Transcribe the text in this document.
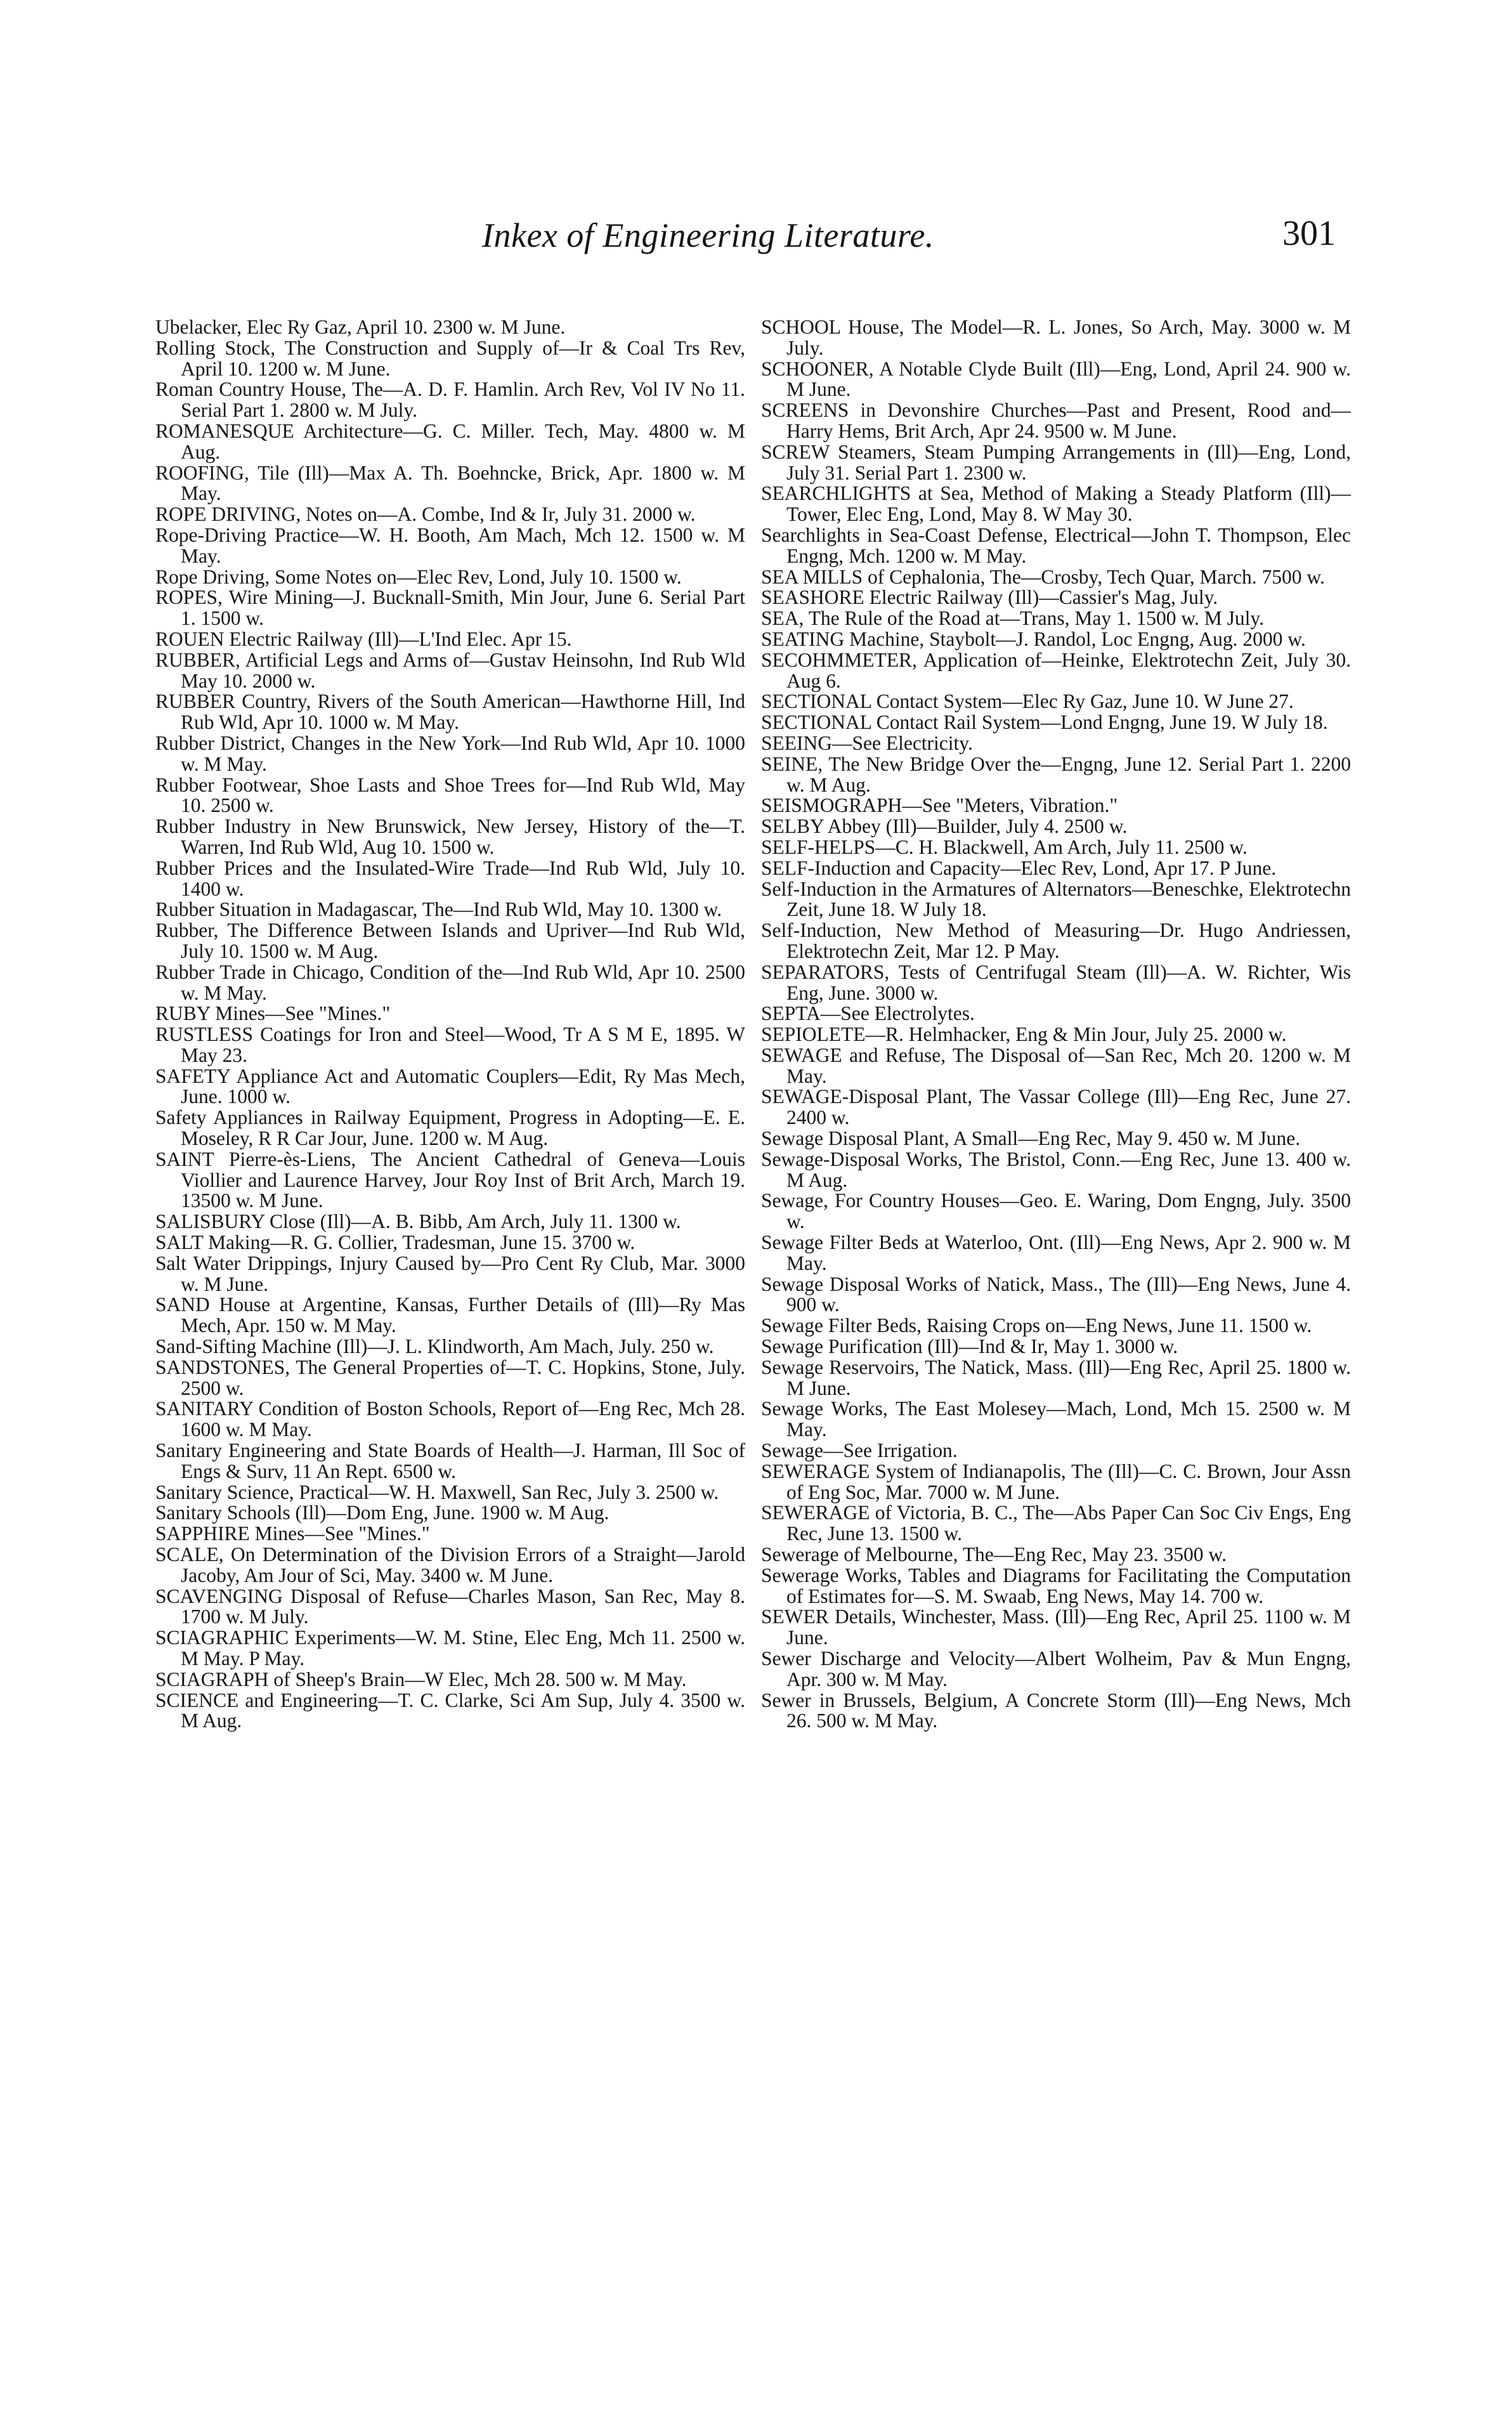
Inkex of Engineering Literature.	301
Ubelacker, Elec Ry Gaz, April 10. 2300 w. M June.
Rolling Stock, The Construction and Supply of—Ir & Coal Trs Rev, April 10. 1200 w. M June.
Roman Country House, The—A. D. F. Hamlin. Arch Rev, Vol IV No 11. Serial Part 1. 2800 w. M July.
ROMANESQUE Architecture—G. C. Miller. Tech, May. 4800 w. M Aug.
ROOFING, Tile (Ill)—Max A. Th. Boehncke, Brick, Apr. 1800 w. M May.
ROPE DRIVING, Notes on—A. Combe, Ind & Ir, July 31. 2000 w.
Rope-Driving Practice—W. H. Booth, Am Mach, Mch 12. 1500 w. M May.
Rope Driving, Some Notes on—Elec Rev, Lond, July 10. 1500 w.
ROPES, Wire Mining—J. Bucknall-Smith, Min Jour, June 6. Serial Part 1. 1500 w.
ROUEN Electric Railway (Ill)—L'Ind Elec. Apr 15.
RUBBER, Artificial Legs and Arms of—Gustav Heinsohn, Ind Rub Wld May 10. 2000 w.
RUBBER Country, Rivers of the South American—Hawthorne Hill, Ind Rub Wld, Apr 10. 1000 w. M May.
Rubber District, Changes in the New York—Ind Rub Wld, Apr 10. 1000 w. M May.
Rubber Footwear, Shoe Lasts and Shoe Trees for—Ind Rub Wld, May 10. 2500 w.
Rubber Industry in New Brunswick, New Jersey, History of the—T. Warren, Ind Rub Wld, Aug 10. 1500 w.
Rubber Prices and the Insulated-Wire Trade—Ind Rub Wld, July 10. 1400 w.
Rubber Situation in Madagascar, The—Ind Rub Wld, May 10. 1300 w.
Rubber, The Difference Between Islands and Upriver—Ind Rub Wld, July 10. 1500 w. M Aug.
Rubber Trade in Chicago, Condition of the—Ind Rub Wld, Apr 10. 2500 w. M May.
RUBY Mines—See "Mines."
RUSTLESS Coatings for Iron and Steel—Wood, Tr A S M E, 1895. W May 23.
SAFETY Appliance Act and Automatic Couplers—Edit, Ry Mas Mech, June. 1000 w.
Safety Appliances in Railway Equipment, Progress in Adopting—E. E. Moseley, R R Car Jour, June. 1200 w. M Aug.
SAINT Pierre-ès-Liens, The Ancient Cathedral of Geneva—Louis Viollier and Laurence Harvey, Jour Roy Inst of Brit Arch, March 19. 13500 w. M June.
SALISBURY Close (Ill)—A. B. Bibb, Am Arch, July 11. 1300 w.
SALT Making—R. G. Collier, Tradesman, June 15. 3700 w.
Salt Water Drippings, Injury Caused by—Pro Cent Ry Club, Mar. 3000 w. M June.
SAND House at Argentine, Kansas, Further Details of (Ill)—Ry Mas Mech, Apr. 150 w. M May.
Sand-Sifting Machine (Ill)—J. L. Klindworth, Am Mach, July. 250 w.
SANDSTONES, The General Properties of—T. C. Hopkins, Stone, July. 2500 w.
SANITARY Condition of Boston Schools, Report of—Eng Rec, Mch 28. 1600 w. M May.
Sanitary Engineering and State Boards of Health—J. Harman, Ill Soc of Engs & Surv, 11 An Rept. 6500 w.
Sanitary Science, Practical—W. H. Maxwell, San Rec, July 3. 2500 w.
Sanitary Schools (Ill)—Dom Eng, June. 1900 w. M Aug.
SAPPHIRE Mines—See "Mines."
SCALE, On Determination of the Division Errors of a Straight—Jarold Jacoby, Am Jour of Sci, May. 3400 w. M June.
SCAVENGING Disposal of Refuse—Charles Mason, San Rec, May 8. 1700 w. M July.
SCIAGRAPHIC Experiments—W. M. Stine, Elec Eng, Mch 11. 2500 w. M May. P May.
SCIAGRAPH of Sheep's Brain—W Elec, Mch 28. 500 w. M May.
SCIENCE and Engineering—T. C. Clarke, Sci Am Sup, July 4. 3500 w. M Aug.
SCHOOL House, The Model—R. L. Jones, So Arch, May. 3000 w. M July.
SCHOONER, A Notable Clyde Built (Ill)—Eng, Lond, April 24. 900 w. M June.
SCREENS in Devonshire Churches—Past and Present, Rood and—Harry Hems, Brit Arch, Apr 24. 9500 w. M June.
SCREW Steamers, Steam Pumping Arrangements in (Ill)—Eng, Lond, July 31. Serial Part 1. 2300 w.
SEARCHLIGHTS at Sea, Method of Making a Steady Platform (Ill)—Tower, Elec Eng, Lond, May 8. W May 30.
Searchlights in Sea-Coast Defense, Electrical—John T. Thompson, Elec Engng, Mch. 1200 w. M May.
SEA MILLS of Cephalonia, The—Crosby, Tech Quar, March. 7500 w.
SEASHORE Electric Railway (Ill)—Cassier's Mag, July.
SEA, The Rule of the Road at—Trans, May 1. 1500 w. M July.
SEATING Machine, Staybolt—J. Randol, Loc Engng, Aug. 2000 w.
SECOHMMETER, Application of—Heinke, Elektrotechn Zeit, July 30. Aug 6.
SECTIONAL Contact System—Elec Ry Gaz, June 10. W June 27.
SECTIONAL Contact Rail System—Lond Engng, June 19. W July 18.
SEEING—See Electricity.
SEINE, The New Bridge Over the—Engng, June 12. Serial Part 1. 2200 w. M Aug.
SEISMOGRAPH—See "Meters, Vibration."
SELBY Abbey (Ill)—Builder, July 4. 2500 w.
SELF-HELPS—C. H. Blackwell, Am Arch, July 11. 2500 w.
SELF-Induction and Capacity—Elec Rev, Lond, Apr 17. P June.
Self-Induction in the Armatures of Alternators—Beneschke, Elektrotechn Zeit, June 18. W July 18.
Self-Induction, New Method of Measuring—Dr. Hugo Andriessen, Elektrotechn Zeit, Mar 12. P May.
SEPARATORS, Tests of Centrifugal Steam (Ill)—A. W. Richter, Wis Eng, June. 3000 w.
SEPTA—See Electrolytes.
SEPIOLETE—R. Helmhacker, Eng & Min Jour, July 25. 2000 w.
SEWAGE and Refuse, The Disposal of—San Rec, Mch 20. 1200 w. M May.
SEWAGE-Disposal Plant, The Vassar College (Ill)—Eng Rec, June 27. 2400 w.
Sewage Disposal Plant, A Small—Eng Rec, May 9. 450 w. M June.
Sewage-Disposal Works, The Bristol, Conn.—Eng Rec, June 13. 400 w. M Aug.
Sewage, For Country Houses—Geo. E. Waring, Dom Engng, July. 3500 w.
Sewage Filter Beds at Waterloo, Ont. (Ill)—Eng News, Apr 2. 900 w. M May.
Sewage Disposal Works of Natick, Mass., The (Ill)—Eng News, June 4. 900 w.
Sewage Filter Beds, Raising Crops on—Eng News, June 11. 1500 w.
Sewage Purification (Ill)—Ind & Ir, May 1. 3000 w.
Sewage Reservoirs, The Natick, Mass. (Ill)—Eng Rec, April 25. 1800 w. M June.
Sewage Works, The East Molesey—Mach, Lond, Mch 15. 2500 w. M May.
Sewage—See Irrigation.
SEWERAGE System of Indianapolis, The (Ill)—C. C. Brown, Jour Assn of Eng Soc, Mar. 7000 w. M June.
SEWERAGE of Victoria, B. C., The—Abs Paper Can Soc Civ Engs, Eng Rec, June 13. 1500 w.
Sewerage of Melbourne, The—Eng Rec, May 23. 3500 w.
Sewerage Works, Tables and Diagrams for Facilitating the Computation of Estimates for—S. M. Swaab, Eng News, May 14. 700 w.
SEWER Details, Winchester, Mass. (Ill)—Eng Rec, April 25. 1100 w. M June.
Sewer Discharge and Velocity—Albert Wolheim, Pav & Mun Engng, Apr. 300 w. M May.
Sewer in Brussels, Belgium, A Concrete Storm (Ill)—Eng News, Mch 26. 500 w. M May.
